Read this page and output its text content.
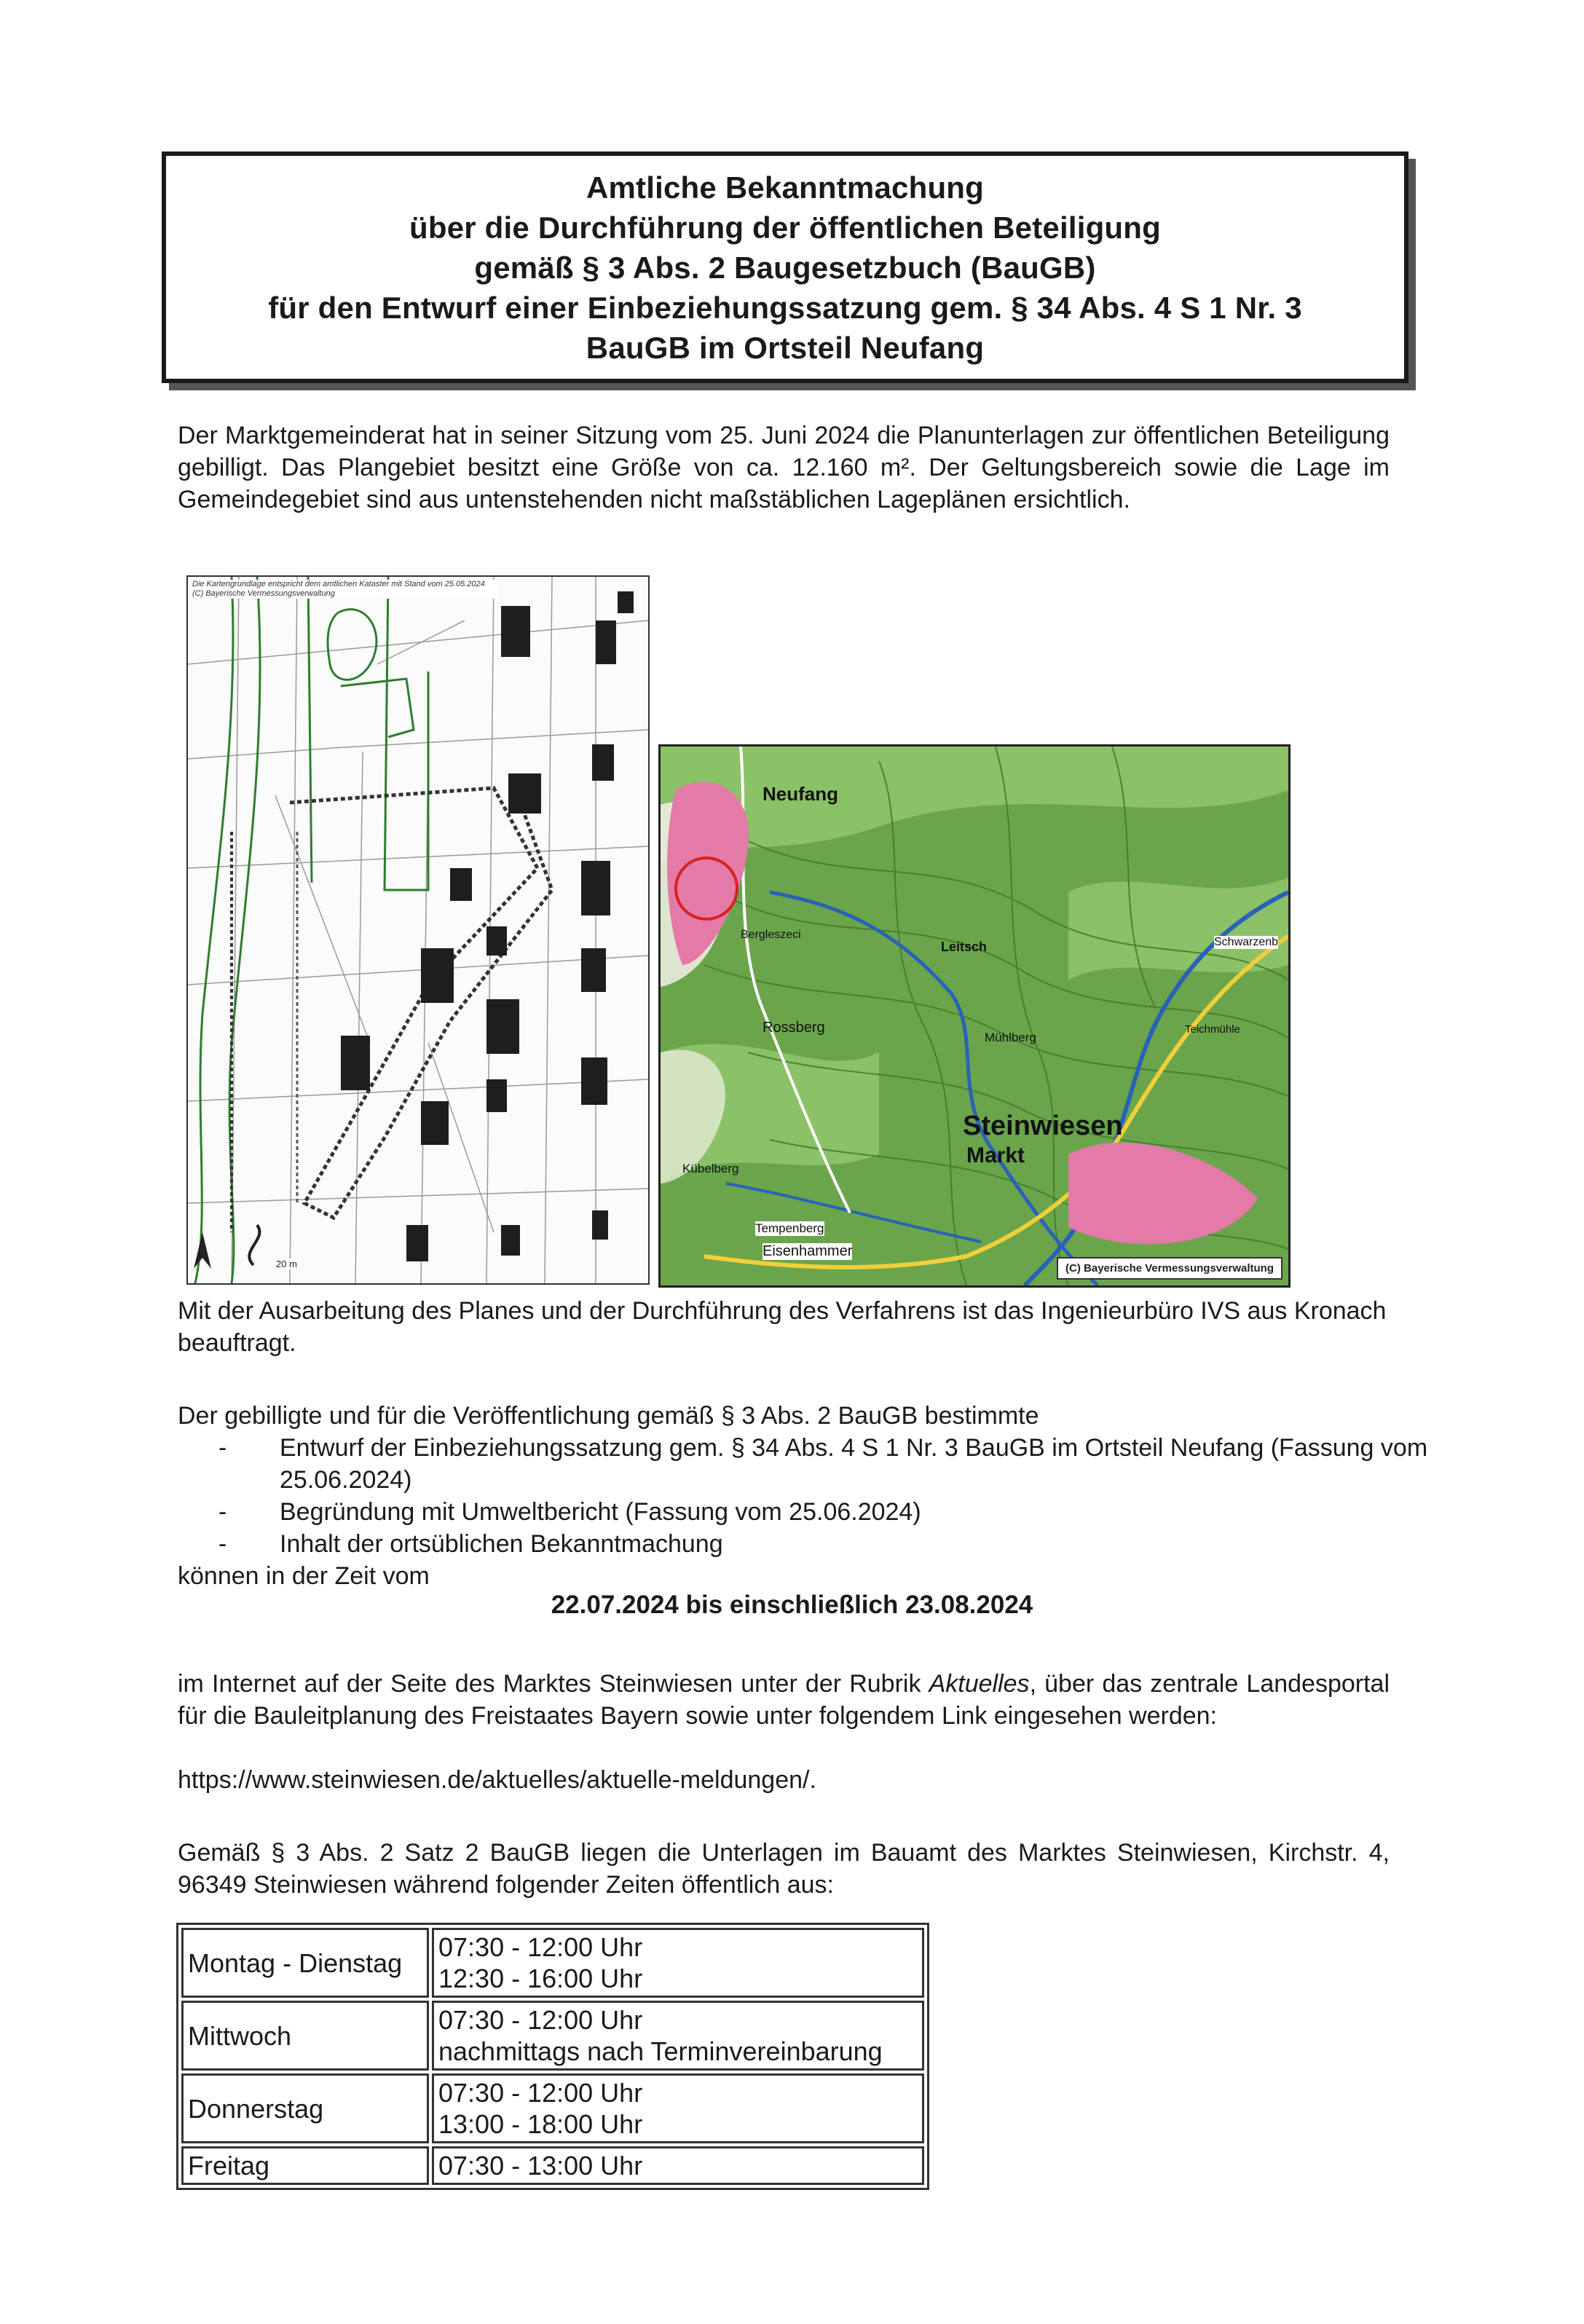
Amtliche Bekanntmachung
über die Durchführung der öffentlichen Beteiligung
gemäß § 3 Abs. 2 Baugesetzbuch (BauGB)
für den Entwurf einer Einbeziehungssatzung gem. § 34 Abs. 4 S 1 Nr. 3
BauGB im Ortsteil Neufang
Der Marktgemeinderat hat in seiner Sitzung vom 25. Juni 2024 die Planunterlagen zur öffentlichen Beteiligung gebilligt. Das Plangebiet besitzt eine Größe von ca. 12.160 m². Der Geltungsbereich sowie die Lage im Gemeindegebiet sind aus untenstehenden nicht maßstäblichen Lageplänen ersichtlich.
Die Kartengrundlage entspricht dem amtlichen Kataster mit Stand vom 25.05.2024 (C) Bayerische Vermessungsverwaltung
20 m
Neufang
Steinwiesen
Markt
Leitsch
Rossberg
Kübelberg
Tempenberg
Eisenhammer
Bergleszeci
Schwarzenb
Teichmühle
Mühlberg
(C) Bayerische Vermessungsverwaltung
Mit der Ausarbeitung des Planes und der Durchführung des Verfahrens ist das Ingenieurbüro IVS aus Kronach beauftragt.
Der gebilligte und für die Veröffentlichung gemäß § 3 Abs. 2 BauGB bestimmte
- Entwurf der Einbeziehungssatzung gem. § 34 Abs. 4 S 1 Nr. 3 BauGB im Ortsteil Neufang (Fassung vom 25.06.2024)
- Begründung mit Umweltbericht (Fassung vom 25.06.2024)
- Inhalt der ortsüblichen Bekanntmachung
können in der Zeit vom
22.07.2024 bis einschließlich 23.08.2024
im Internet auf der Seite des Marktes Steinwiesen unter der Rubrik Aktuelles, über das zentrale Landesportal für die Bauleitplanung des Freistaates Bayern sowie unter folgendem Link eingesehen werden:
https://www.steinwiesen.de/aktuelles/aktuelle-meldungen/.
Gemäß § 3 Abs. 2 Satz 2 BauGB liegen die Unterlagen im Bauamt des Marktes Steinwiesen, Kirchstr. 4, 96349 Steinwiesen während folgender Zeiten öffentlich aus:
Montag - Dienstag	07:30 - 12:00 Uhr
12:30 - 16:00 Uhr

Mittwoch	07:30 - 12:00 Uhr
nachmittags nach Terminvereinbarung

Donnerstag	07:30 - 12:00 Uhr
13:00 - 18:00 Uhr

Freitag	07:30 - 13:00 Uhr
